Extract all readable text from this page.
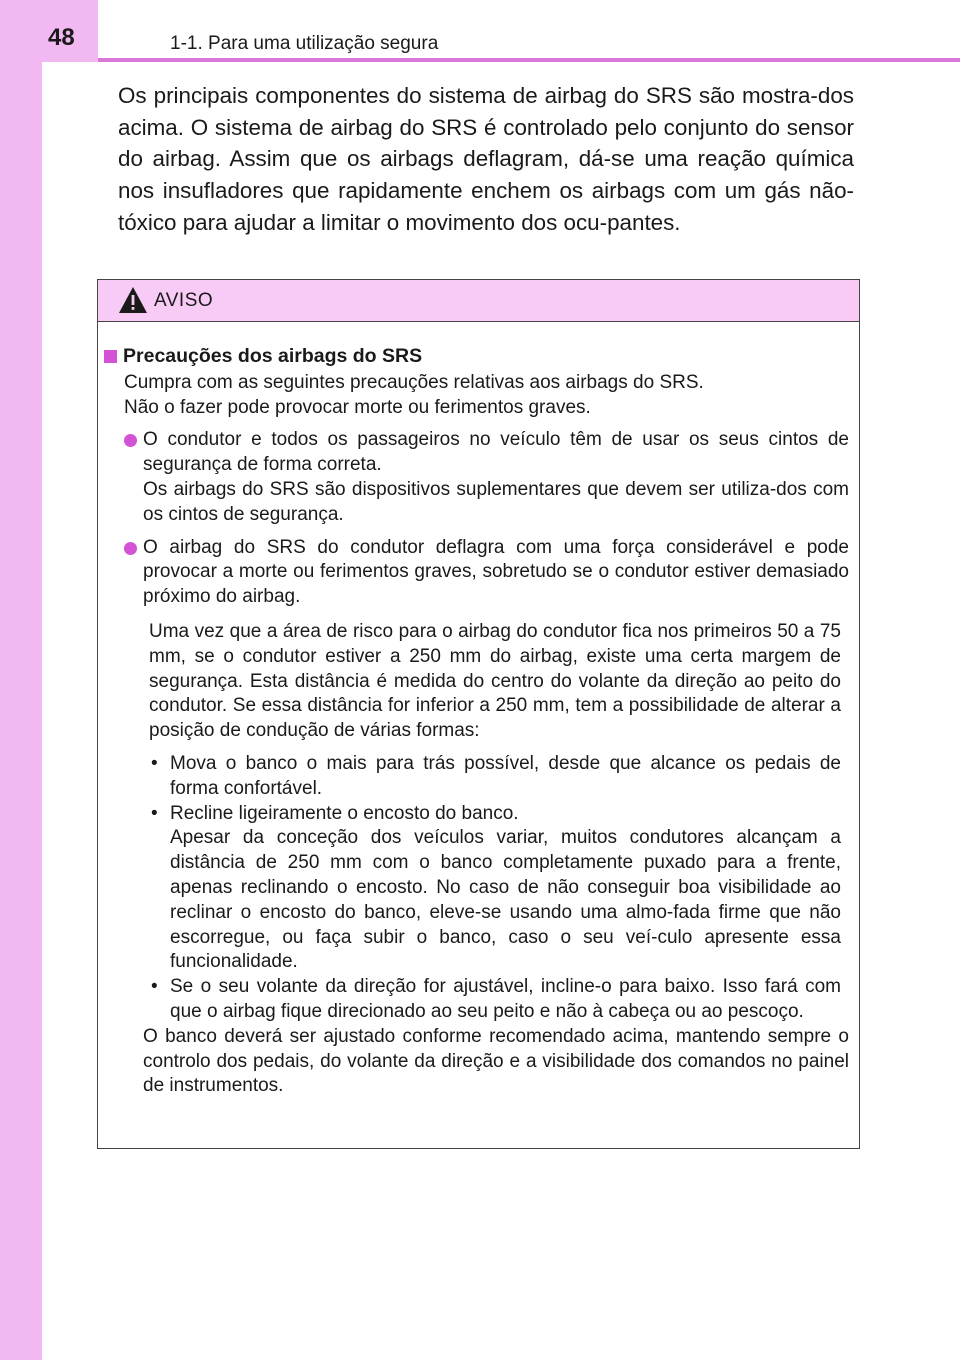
48	1-1. Para uma utilização segura

Os principais componentes do sistema de airbag do SRS são mostra-dos acima. O sistema de airbag do SRS é controlado pelo conjunto do sensor do airbag. Assim que os airbags deflagram, dá-se uma reação química nos insufladores que rapidamente enchem os airbags com um gás não-tóxico para ajudar a limitar o movimento dos ocu-pantes.

AVISO
Precauções dos airbags do SRS

Cumpra com as seguintes precauções relativas aos airbags do SRS.

Não o fazer pode provocar morte ou ferimentos graves.

O condutor e todos os passageiros no veículo têm de usar os seus cintos de segurança de forma correta.

Os airbags do SRS são dispositivos suplementares que devem ser utiliza-dos com os cintos de segurança.

O airbag do SRS do condutor deflagra com uma força considerável e pode provocar a morte ou ferimentos graves, sobretudo se o condutor estiver demasiado próximo do airbag.

Uma vez que a área de risco para o airbag do condutor fica nos primeiros 50 a 75 mm, se o condutor estiver a 250 mm do airbag, existe uma certa margem de segurança. Esta distância é medida do centro do volante da direção ao peito do condutor. Se essa distância for inferior a 250 mm, tem a possibilidade de alterar a posição de condução de várias formas:

• Mova o banco o mais para trás possível, desde que alcance os pedais de forma confortável.

• Recline ligeiramente o encosto do banco.

Apesar da conceção dos veículos variar, muitos condutores alcançam a distância de 250 mm com o banco completamente puxado para a frente, apenas reclinando o encosto. No caso de não conseguir boa visibilidade ao reclinar o encosto do banco, eleve-se usando uma almo-fada firme que não escorregue, ou faça subir o banco, caso o seu veí-culo apresente essa funcionalidade.

• Se o seu volante da direção for ajustável, incline-o para baixo. Isso fará com que o airbag fique direcionado ao seu peito e não à cabeça ou ao pescoço.

O banco deverá ser ajustado conforme recomendado acima, mantendo sempre o controlo dos pedais, do volante da direção e a visibilidade dos comandos no painel de instrumentos.
